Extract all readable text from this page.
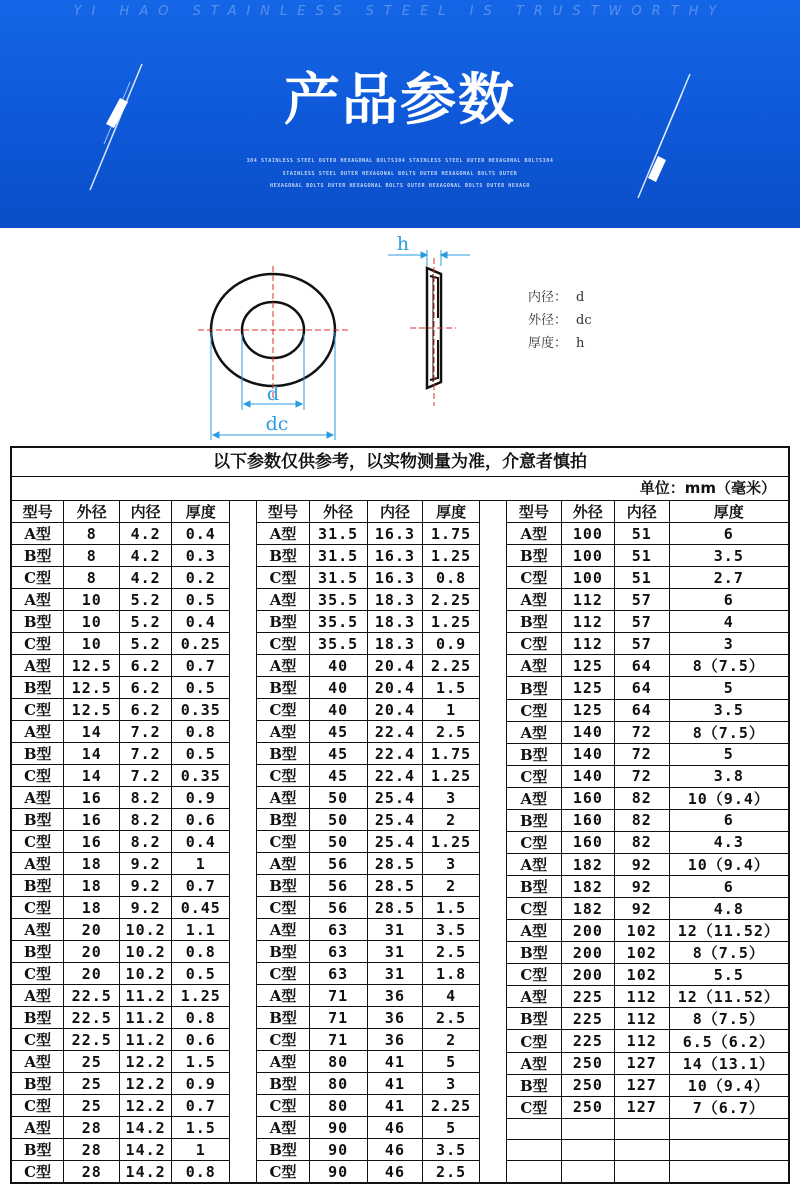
YI HAO STAINLESS STEEL IS TRUSTWORTHY
产品参数
304 STAINLESS STEEL OUTER HEXAGONAL BOLTS304 STAINLESS STEEL OUTER HEXAGONAL BOLTS304
STAINLESS STEEL OUTER HEXAGONAL BOLTS OUTER HEXAGONAL BOLTS OUTER
HEXAGONAL BOLTS OUTER HEXAGONAL BOLTS OUTER HEXAGONAL BOLTS OUTER HEXAGO
d
dc
h
内径： d
外径： dc
厚度： h
以下参数仅供参考，以实物测量为准，介意者慎拍
单位：mm（毫米）
型号	外径	内径	厚度
A型	8	4.2	0.4
B型	8	4.2	0.3
C型	8	4.2	0.2
A型	10	5.2	0.5
B型	10	5.2	0.4
C型	10	5.2	0.25
A型	12.5	6.2	0.7
B型	12.5	6.2	0.5
C型	12.5	6.2	0.35
A型	14	7.2	0.8
B型	14	7.2	0.5
C型	14	7.2	0.35
A型	16	8.2	0.9
B型	16	8.2	0.6
C型	16	8.2	0.4
A型	18	9.2	1
B型	18	9.2	0.7
C型	18	9.2	0.45
A型	20	10.2	1.1
B型	20	10.2	0.8
C型	20	10.2	0.5
A型	22.5	11.2	1.25
B型	22.5	11.2	0.8
C型	22.5	11.2	0.6
A型	25	12.2	1.5
B型	25	12.2	0.9
C型	25	12.2	0.7
A型	28	14.2	1.5
B型	28	14.2	1
C型	28	14.2	0.8
型号	外径	内径	厚度
A型	31.5	16.3	1.75
B型	31.5	16.3	1.25
C型	31.5	16.3	0.8
A型	35.5	18.3	2.25
B型	35.5	18.3	1.25
C型	35.5	18.3	0.9
A型	40	20.4	2.25
B型	40	20.4	1.5
C型	40	20.4	1
A型	45	22.4	2.5
B型	45	22.4	1.75
C型	45	22.4	1.25
A型	50	25.4	3
B型	50	25.4	2
C型	50	25.4	1.25
A型	56	28.5	3
B型	56	28.5	2
C型	56	28.5	1.5
A型	63	31	3.5
B型	63	31	2.5
C型	63	31	1.8
A型	71	36	4
B型	71	36	2.5
C型	71	36	2
A型	80	41	5
B型	80	41	3
C型	80	41	2.25
A型	90	46	5
B型	90	46	3.5
C型	90	46	2.5
型号	外径	内径	厚度
A型	100	51	6
B型	100	51	3.5
C型	100	51	2.7
A型	112	57	6
B型	112	57	4
C型	112	57	3
A型	125	64	8（7.5）
B型	125	64	5
C型	125	64	3.5
A型	140	72	8（7.5）
B型	140	72	5
C型	140	72	3.8
A型	160	82	10（9.4）
B型	160	82	6
C型	160	82	4.3
A型	182	92	10（9.4）
B型	182	92	6
C型	182	92	4.8
A型	200	102	12（11.52）
B型	200	102	8（7.5）
C型	200	102	5.5
A型	225	112	12（11.52）
B型	225	112	8（7.5）
C型	225	112	6.5（6.2）
A型	250	127	14（13.1）
B型	250	127	10（9.4）
C型	250	127	7（6.7）
